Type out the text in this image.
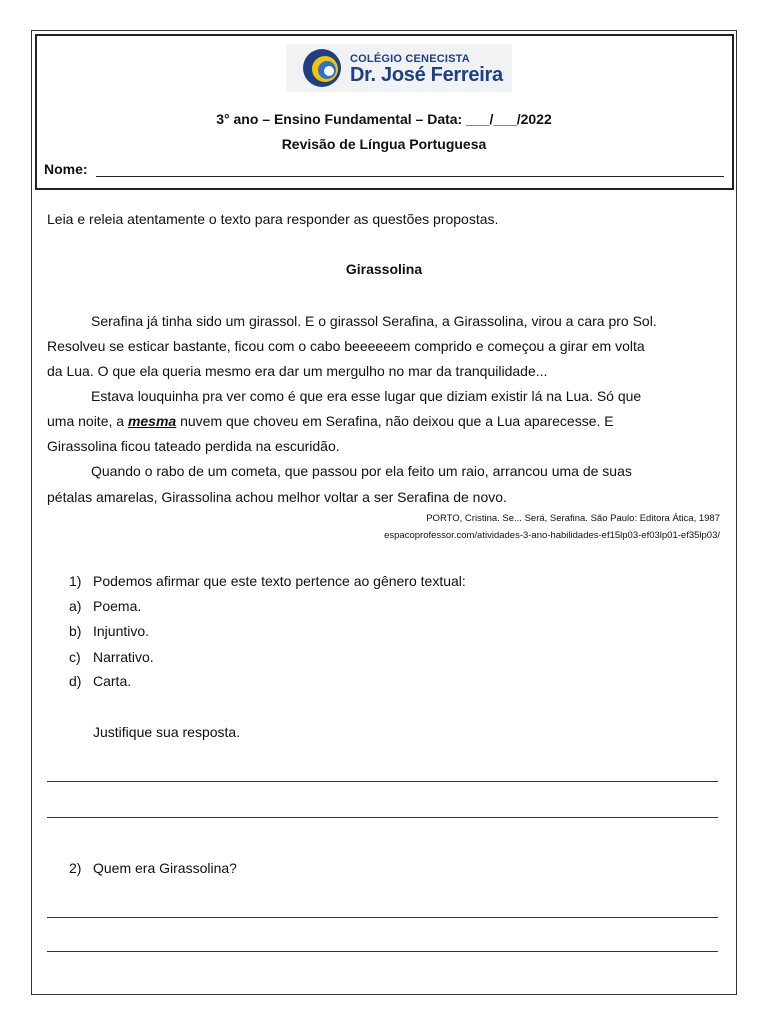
COLÉGIO CENECISTA
Dr. José Ferreira
3° ano – Ensino Fundamental – Data: ___/___/2022
Revisão de Língua Portuguesa
Nome:
Leia e releia atentamente o texto para responder as questões propostas.
Girassolina
Serafina já tinha sido um girassol. E o girassol Serafina, a Girassolina, virou a cara pro Sol.
Resolveu se esticar bastante, ficou com o cabo beeeeeem comprido e começou a girar em volta
da Lua. O que ela queria mesmo era dar um mergulho no mar da tranquilidade...
Estava louquinha pra ver como é que era esse lugar que diziam existir lá na Lua. Só que
uma noite, a mesma nuvem que choveu em Serafina, não deixou que a Lua aparecesse. E
Girassolina ficou tateado perdida na escuridão.
Quando o rabo de um cometa, que passou por ela feito um raio, arrancou uma de suas
pétalas amarelas, Girassolina achou melhor voltar a ser Serafina de novo.
PORTO, Cristina. Se... Será, Serafina. São Paulo: Editora Ática, 1987
espacoprofessor.com/atividades-3-ano-habilidades-ef15lp03-ef03lp01-ef35lp03/
1) Podemos afirmar que este texto pertence ao gênero textual:
a) Poema.
b) Injuntivo.
c) Narrativo.
d) Carta.
Justifique sua resposta.
2) Quem era Girassolina?
